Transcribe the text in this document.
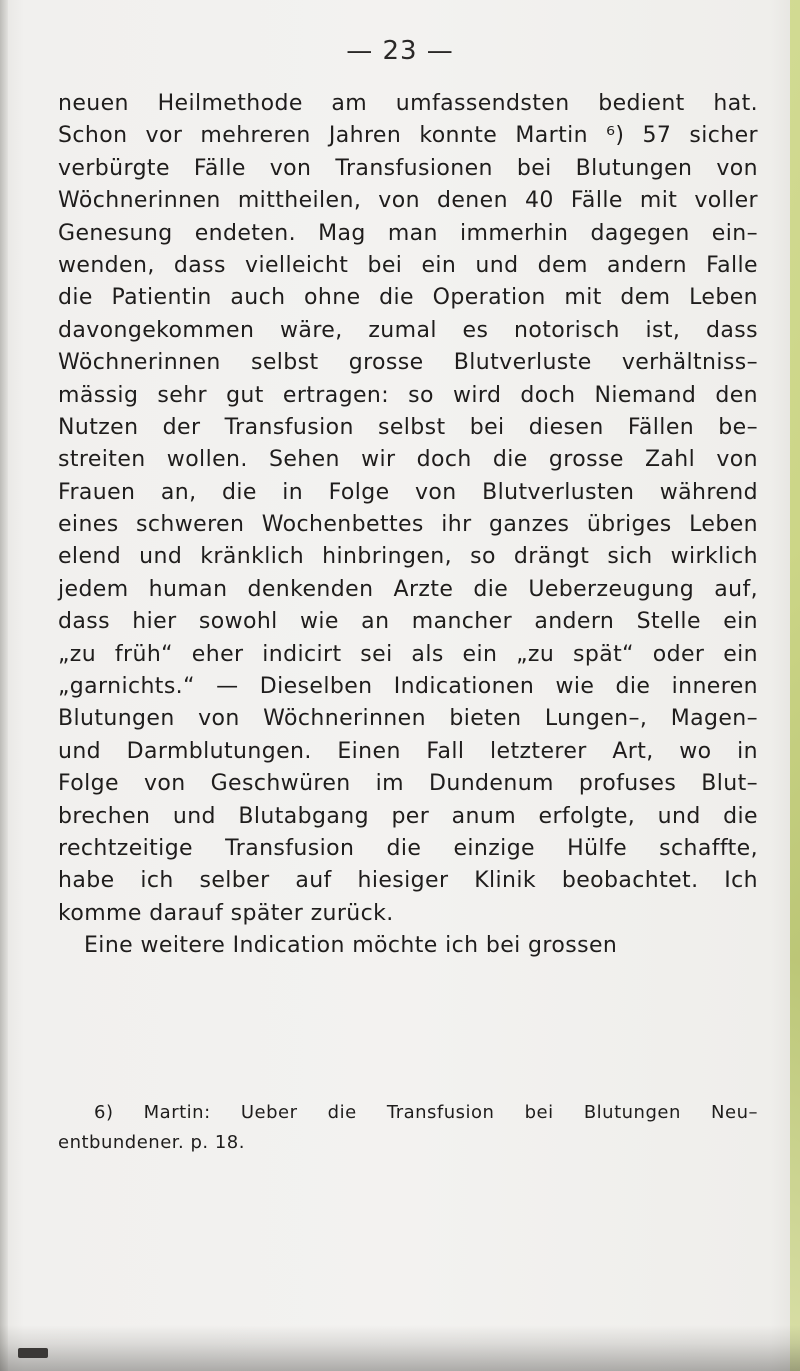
— 23 —
neuen Heilmethode am umfassendsten bedient hat.
Schon vor mehreren Jahren konnte Martin ⁶) 57 sicher
verbürgte Fälle von Transfusionen bei Blutungen von
Wöchnerinnen mittheilen, von denen 40 Fälle mit voller
Genesung endeten. Mag man immerhin dagegen ein–
wenden, dass vielleicht bei ein und dem andern Falle
die Patientin auch ohne die Operation mit dem Leben
davongekommen wäre, zumal es notorisch ist, dass
Wöchnerinnen selbst grosse Blutverluste verhältniss–
mässig sehr gut ertragen: so wird doch Niemand den
Nutzen der Transfusion selbst bei diesen Fällen be–
streiten wollen. Sehen wir doch die grosse Zahl von
Frauen an, die in Folge von Blutverlusten während
eines schweren Wochenbettes ihr ganzes übriges Leben
elend und kränklich hinbringen, so drängt sich wirklich
jedem human denkenden Arzte die Ueberzeugung auf,
dass hier sowohl wie an mancher andern Stelle ein
„zu früh“ eher indicirt sei als ein „zu spät“ oder ein
„garnichts.“ — Dieselben Indicationen wie die inneren
Blutungen von Wöchnerinnen bieten Lungen–, Magen–
und Darmblutungen. Einen Fall letzterer Art, wo in
Folge von Geschwüren im Dundenum profuses Blut–
brechen und Blutabgang per anum erfolgte, und die
rechtzeitige Transfusion die einzige Hülfe schaffte,
habe ich selber auf hiesiger Klinik beobachtet. Ich
komme darauf später zurück.
Eine weitere Indication möchte ich bei grossen
6) Martin: Ueber die Transfusion bei Blutungen Neu–
entbundener. p. 18.
